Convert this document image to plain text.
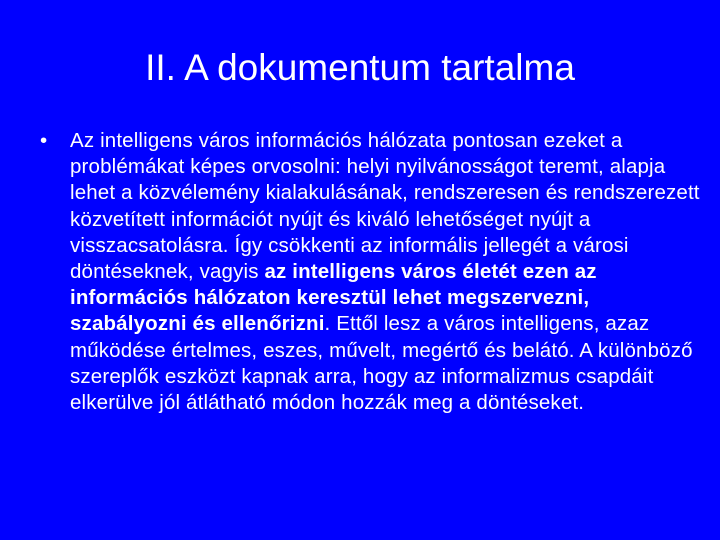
II. A dokumentum tartalma
• Az intelligens város információs hálózata pontosan ezeket a problémákat képes orvosolni: helyi nyilvánosságot teremt, alapja lehet a közvélemény kialakulásának, rendszeresen és rendszerezett közvetített információt nyújt és kiváló lehetőséget nyújt a visszacsatolásra. Így csökkenti az informális jellegét a városi döntéseknek, vagyis az intelligens város életét ezen az információs hálózaton keresztül lehet megszervezni, szabályozni és ellenőrizni. Ettől lesz a város intelligens, azaz működése értelmes, eszes, művelt, megértő és belátó. A különböző szereplők eszközt kapnak arra, hogy az informalizmus csapdáit elkerülve jól átlátható módon hozzák meg a döntéseket.
